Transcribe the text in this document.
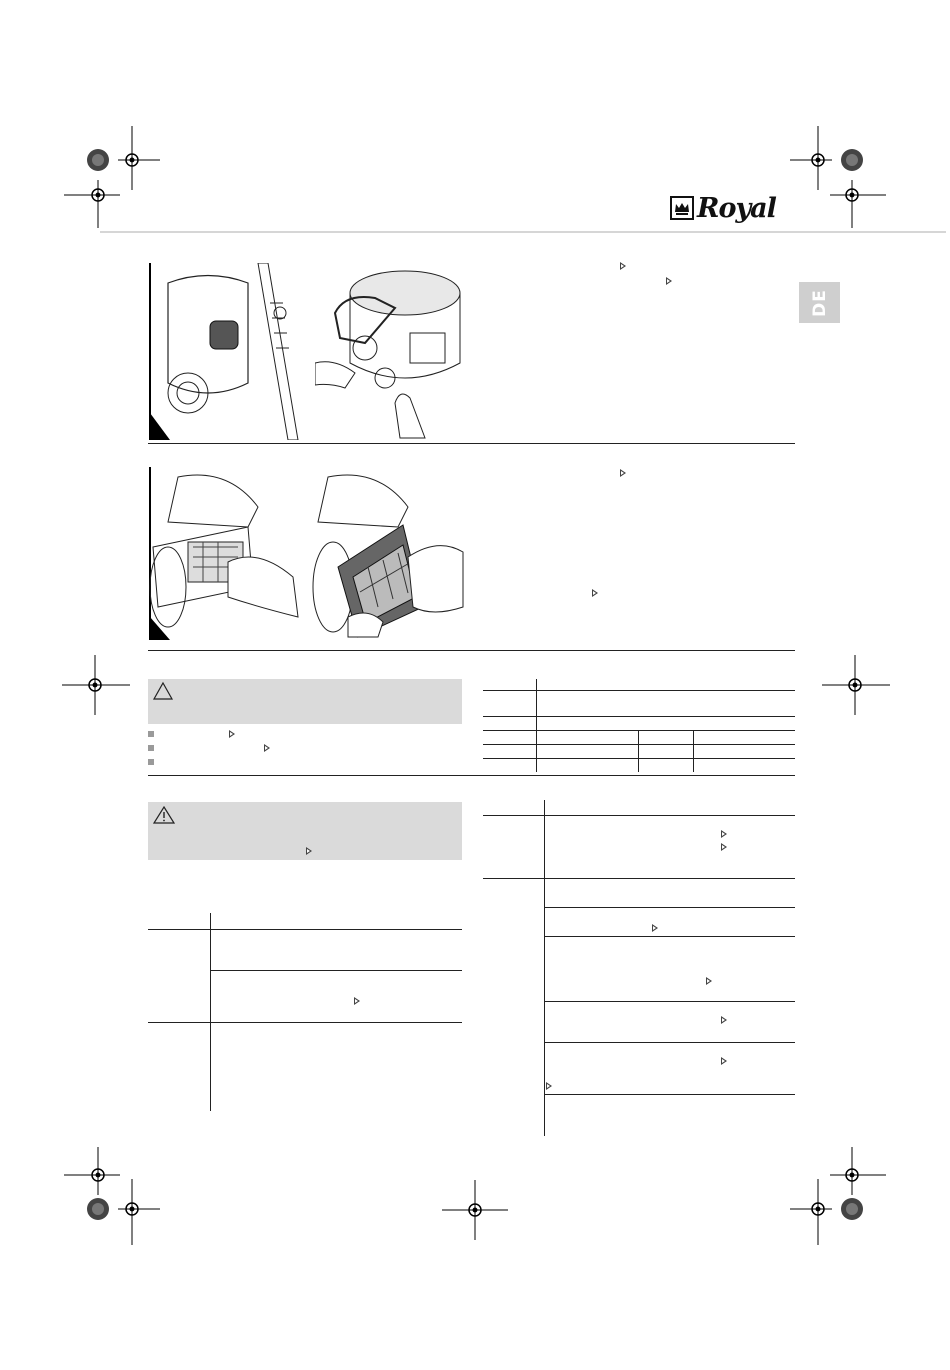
Royal
DE
